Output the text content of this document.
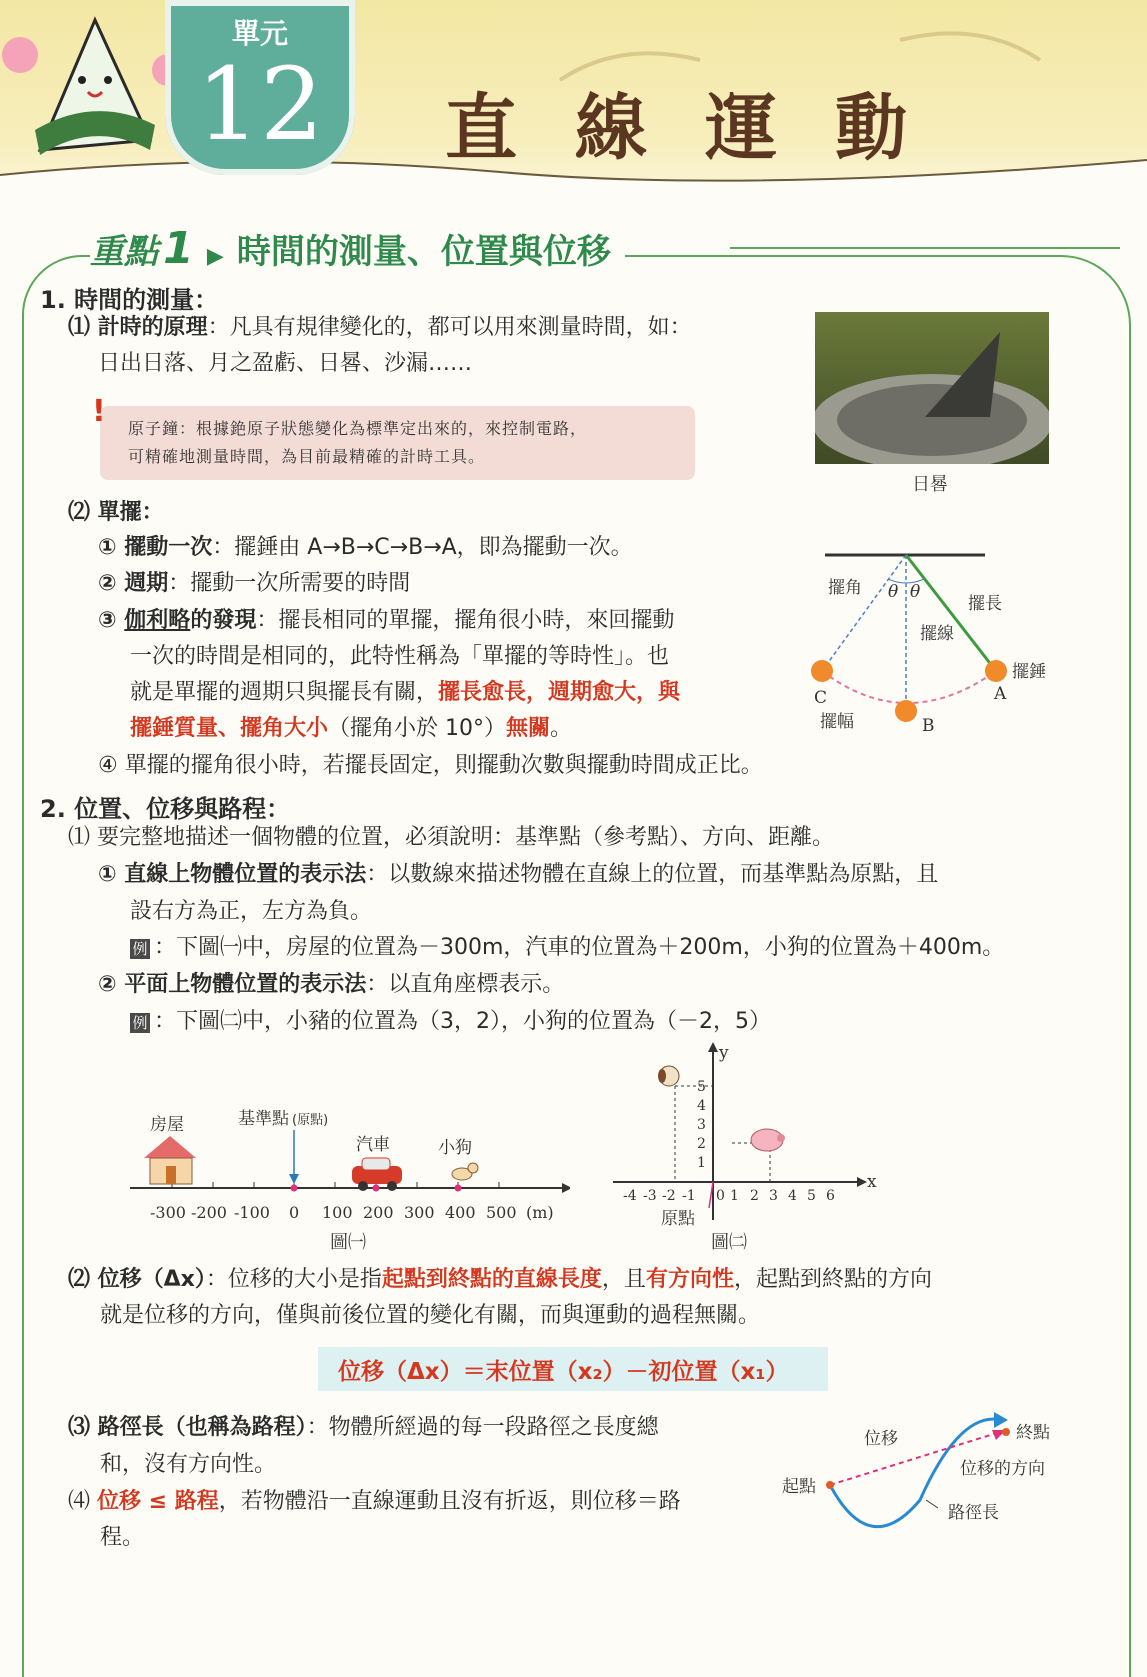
單元
12	直 線 運 動
重點 1 ▶ 時間的測量、位置與位移
1. 時間的測量：
⑴ 計時的原理：凡具有規律變化的，都可以用來測量時間，如：
日出日落、月之盈虧、日晷、沙漏……
! 原子鐘：根據銫原子狀態變化為標準定出來的，來控制電路，
可精確地測量時間，為目前最精確的計時工具。
日晷
⑵ 單擺：
① 擺動一次：擺錘由 A→B→C→B→A，即為擺動一次。
② 週期：擺動一次所需要的時間
③ 伽利略的發現：擺長相同的單擺，擺角很小時，來回擺動
一次的時間是相同的，此特性稱為「單擺的等時性」。也
就是單擺的週期只與擺長有關，擺長愈長，週期愈大，與
擺錘質量、擺角大小（擺角小於 10°）無關。
④ 單擺的擺角很小時，若擺長固定，則擺動次數與擺動時間成正比。
擺角 θ θ
擺長
擺線
擺錘
A
C
B
擺幅
2. 位置、位移與路程：
⑴ 要完整地描述一個物體的位置，必須說明：基準點（參考點）、方向、距離。
① 直線上物體位置的表示法：以數線來描述物體在直線上的位置，而基準點為原點，且
設右方為正，左方為負。
例 ：下圖㈠中，房屋的位置為－300m，汽車的位置為＋200m，小狗的位置為＋400m。
② 平面上物體位置的表示法：以直角座標表示。
例 ：下圖㈡中，小豬的位置為（3，2），小狗的位置為（－2，5）
-300 -200 -100 0 100 200 300 400 500 (m)
房屋	基準點 (原點)
汽車	小狗
圖㈠
-4 -3 -2 -1 0 1 2 3 4 5 6
1
2
3
4
5
x
y
原點
圖㈡
⑵ 位移（Δx）：位移的大小是指起點到終點的直線長度，且有方向性，起點到終點的方向
就是位移的方向，僅與前後位置的變化有關，而與運動的過程無關。
位移（Δx）＝末位置（x₂）－初位置（x₁）
⑶ 路徑長（也稱為路程）：物體所經過的每一段路徑之長度總
和，沒有方向性。
⑷ 位移 ≤ 路程，若物體沿一直線運動且沒有折返，則位移＝路
程。
位移	終點
位移的方向
起點
路徑長
